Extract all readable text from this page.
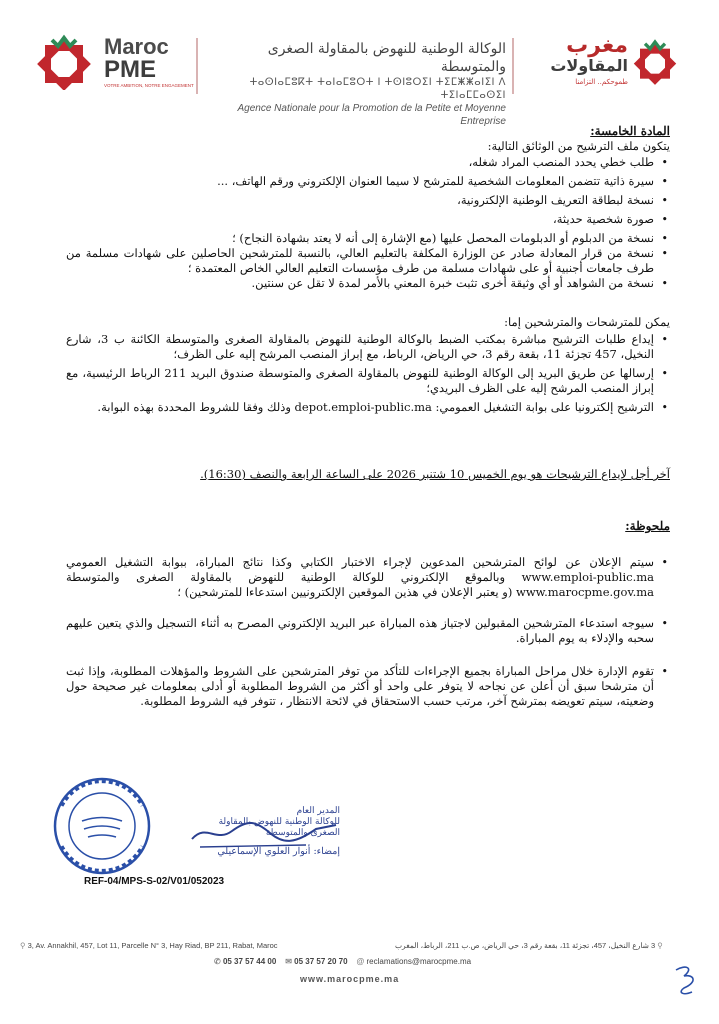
Maroc
PME
VOTRE AMBITION, NOTRE ENGAGEMENT
الوكالة الوطنية للنهوض بالمقاولة الصغرى والمتوسطة
ⵜⴰⵙⵏⴰⵎⵓⴽⵜ ⵜⴰⵏⴰⵎⵓⵔⵜ ⵏ ⵜⵙⵏⵓⵔⵉⵏ ⵜⵉⵎⵥⵥⴰⵏⵉⵏ ⴷ ⵜⵉⵏⴰⵎⵎⴰⵙⵉⵏ
Agence Nationale pour la Promotion de la Petite et Moyenne Entreprise
مغرب
المقاولات
طموحكم.. التزامنا
المادة الخامسة:
يتكون ملف الترشيح من الوثائق التالية:
• طلب خطي يحدد المنصب المراد شغله،
• سيرة ذاتية تتضمن المعلومات الشخصية للمترشح لا سيما العنوان الإلكتروني ورقم الهاتف، ...
• نسخة لبطاقة التعريف الوطنية الإلكترونية،
• صورة شخصية حديثة،
• نسخة من الدبلوم أو الدبلومات المحصل عليها (مع الإشارة إلى أنه لا يعتد بشهادة النجاح) ؛
• نسخة من قرار المعادلة صادر عن الوزارة المكلفة بالتعليم العالي، بالنسبة للمترشحين الحاصلين على شهادات مسلمة من طرف جامعات أجنبية أو على شهادات مسلمة من طرف مؤسسات التعليم العالي الخاص المعتمدة ؛
• نسخة من الشواهد أو أي وثيقة أخرى تثبت خبرة المعني بالأمر لمدة لا تقل عن سنتين.
يمكن للمترشحات والمترشحين إما:
• إيداع طلبات الترشيح مباشرة بمكتب الضبط بالوكالة الوطنية للنهوض بالمقاولة الصغرى والمتوسطة الكائنة ب 3، شارع النخيل، 457 تجزئة 11، بقعة رقم 3، حي الرياض، الرباط، مع إبراز المنصب المرشح إليه على الظرف؛
• إرسالها عن طريق البريد إلى الوكالة الوطنية للنهوض بالمقاولة الصغرى والمتوسطة صندوق البريد 211 الرباط الرئيسية، مع إبراز المنصب المرشح إليه على الظرف البريدي؛
• الترشيح إلكترونيا على بوابة التشغيل العمومي: depot.emploi-public.ma وذلك وفقا للشروط المحددة بهذه البوابة.
آخر أجل لإيداع الترشيحات هو يوم الخميس 10 شتنبر 2026 على الساعة الرابعة والنصف (16:30).
ملحوظة:
• سيتم الإعلان عن لوائح المترشحين المدعوين لإجراء الاختبار الكتابي وكذا نتائج المباراة، ببوابة التشغيل العمومي www.emploi-public.ma وبالموقع الإلكتروني للوكالة الوطنية للنهوض بالمقاولة الصغرى والمتوسطة www.marocpme.gov.ma (و يعتبر الإعلان في هذين الموقعين الإلكترونيين استدعاءا للمترشحين) ؛
• سيوجه استدعاء المترشحين المقبولين لاجتياز هذه المباراة عبر البريد الإلكتروني المصرح به أثناء التسجيل والذي يتعين عليهم سحبه والإدلاء به يوم المباراة.
• تقوم الإدارة خلال مراحل المباراة بجميع الإجراءات للتأكد من توفر المترشحين على الشروط والمؤهلات المطلوبة، وإذا ثبت أن مترشحا سبق أن أعلن عن نجاحه لا يتوفر على واحد أو أكثر من الشروط المطلوبة أو أدلى بمعلومات غير صحيحة حول وضعيته، سيتم تعويضه بمترشح آخر، مرتب حسب الاستحقاق في لائحة الانتظار ، تتوفر فيه الشروط المطلوبة.
المدير العام
للوكالة الوطنية للنهوض بالمقاولة
الصغرى والمتوسطة
إمضاء: أنوار العلوي الإسماعيلي
REF-04/MPS-S-02/V01/052023
⚲ 3, Av. Annakhil, 457, Lot 11, Parcelle N° 3, Hay Riad, BP 211, Rabat, Maroc	⚲ 3 شارع النخيل، 457، تجزئة 11، بقعة رقم 3، حي الرياض، ص.ب 211، الرباط، المغرب
✆ 05 37 57 44 00 ✉ 05 37 57 20 70 @ reclamations@marocpme.ma
www.marocpme.ma
